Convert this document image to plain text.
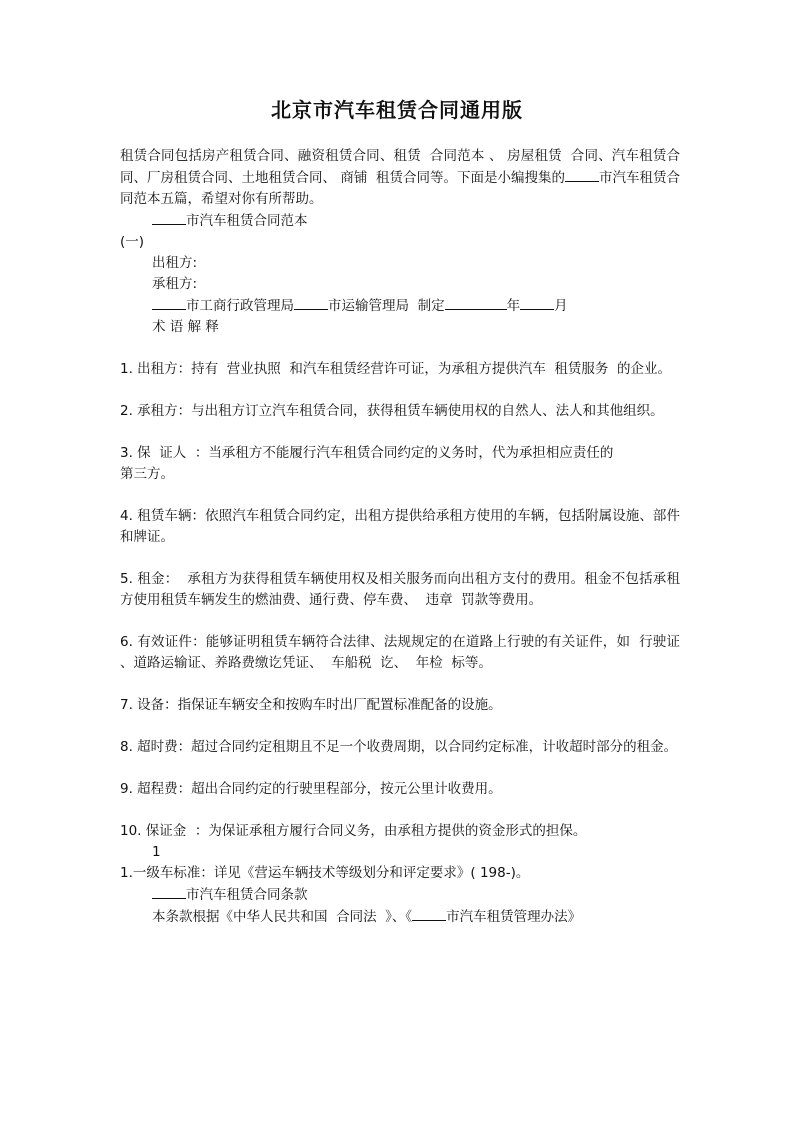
北京市汽车租赁合同通用版

租赁合同包括房产租赁合同、融资租赁合同、租赁  合同范本 、 房屋租赁  合同、汽车租赁合同、厂房租赁合同、土地租赁合同、 商铺  租赁合同等。下面是小编搜集的	市汽车租赁合同范本五篇，希望对你有所帮助。

市汽车租赁合同范本

(一)

出租方:

承租方:

市工商行政管理局	市运输管理局  制定	年	月

术 语 解 释

1. 出租方：持有  营业执照  和汽车租赁经营许可证，为承租方提供汽车  租赁服务  的企业。

2. 承租方：与出租方订立汽车租赁合同，获得租赁车辆使用权的自然人、法人和其他组织。

3. 保  证人  ：当承租方不能履行汽车租赁合同约定的义务时，代为承担相应责任的
第三方。

4. 租赁车辆：依照汽车租赁合同约定，出租方提供给承租方使用的车辆，包括附属设施、部件和牌证。

5. 租金：  承租方为获得租赁车辆使用权及相关服务而向出租方支付的费用。租金不包括承租方使用租赁车辆发生的燃油费、通行费、停车费、  违章  罚款等费用。

6. 有效证件：能够证明租赁车辆符合法律、法规规定的在道路上行驶的有关证件，如  行驶证  、道路运输证、养路费缴讫凭证、  车船税  讫、  年检  标等。

7. 设备：指保证车辆安全和按购车时出厂配置标准配备的设施。

8. 超时费：超过合同约定租期且不足一个收费周期，以合同约定标准，计收超时部分的租金。

9. 超程费：超出合同约定的行驶里程部分，按元公里计收费用。

10. 保证金  ：为保证承租方履行合同义务，由承租方提供的资金形式的担保。

1

1.一级车标准：详见《营运车辆技术等级划分和评定要求》( 198-)。

市汽车租赁合同条款

本条款根据《中华人民共和国  合同法  》、《	市汽车租赁管理办法》
